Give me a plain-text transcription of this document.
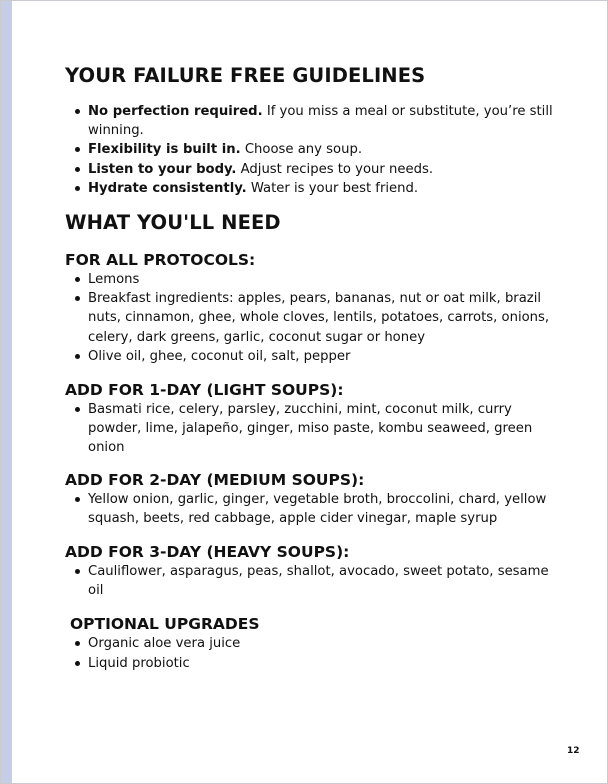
YOUR FAILURE FREE GUIDELINES
No perfection required. If you miss a meal or substitute, you’re still winning.
Flexibility is built in. Choose any soup.
Listen to your body. Adjust recipes to your needs.
Hydrate consistently. Water is your best friend.
WHAT YOU'LL NEED
FOR ALL PROTOCOLS:
Lemons
Breakfast ingredients: apples, pears, bananas, nut or oat milk, brazil nuts, cinnamon, ghee, whole cloves, lentils, potatoes, carrots, onions, celery, dark greens, garlic, coconut sugar or honey
Olive oil, ghee, coconut oil, salt, pepper
ADD FOR 1-DAY (LIGHT SOUPS):
Basmati rice, celery, parsley, zucchini, mint, coconut milk, curry powder, lime, jalapeño, ginger, miso paste, kombu seaweed, green onion
ADD FOR 2-DAY (MEDIUM SOUPS):
Yellow onion, garlic, ginger, vegetable broth, broccolini, chard, yellow squash, beets, red cabbage, apple cider vinegar, maple syrup
ADD FOR 3-DAY (HEAVY SOUPS):
Cauliflower, asparagus, peas, shallot, avocado, sweet potato, sesame oil
OPTIONAL UPGRADES
Organic aloe vera juice
Liquid probiotic
12
